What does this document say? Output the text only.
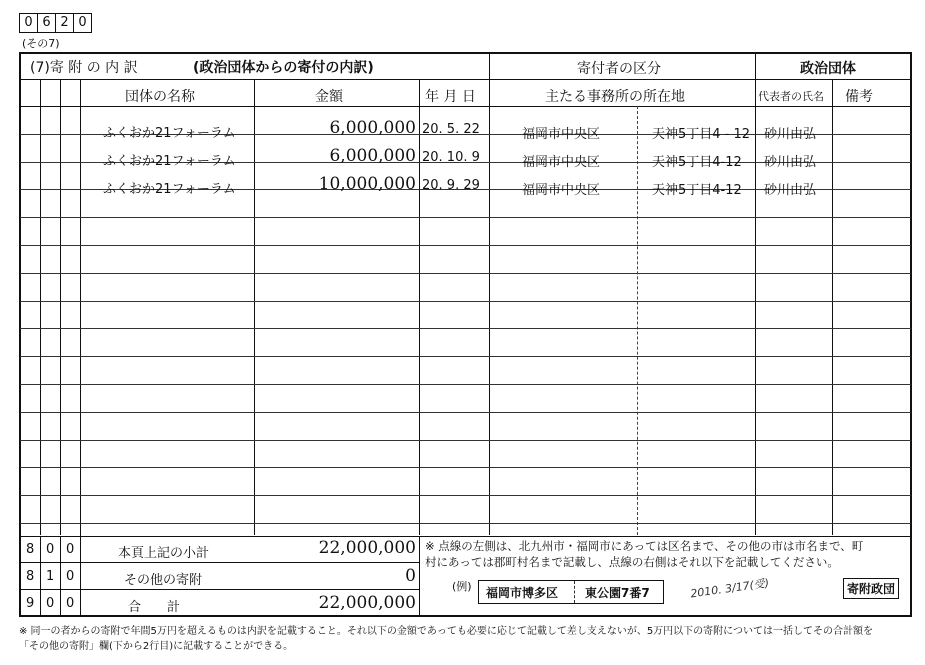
0 6 2 0
(その7)
(7)寄 附 の 内 訳	(政治団体からの寄付の内訳)	寄付者の区分	政治団体
団体の名称	金額	年 月 日	主たる事務所の所在地	代表者の氏名 備考
ふくおか21フォーラム	6,000,000 20. 5. 22	福岡市中央区	天神5丁目4 - 12 砂川由弘
ふくおか21フォーラム	6,000,000 20. 10. 9	福岡市中央区	天神5丁目4-12 砂川由弘
ふくおか21フォーラム	10,000,000 20. 9. 29	福岡市中央区	天神5丁目4-12 砂川由弘
8 0 0	本頁上記の小計	22,000,000
8 1 0	その他の寄附	0
9 0 0	合　　計	22,000,000
※ 点線の左側は、北九州市・福岡市にあっては区名まで、その他の市は市名まで、町
村にあっては郡町村名まで記載し、点線の右側はそれ以下を記載してください。
(例) 福岡市博多区 東公園7番7	2010. 3/17(受)	寄附政団
※ 同一の者からの寄附で年間5万円を超えるものは内訳を記載すること。それ以下の金額であっても必要に応じて記載して差し支えないが、5万円以下の寄附については一括してその合計額を
「その他の寄附」欄(下から2行目)に記載することができる。
